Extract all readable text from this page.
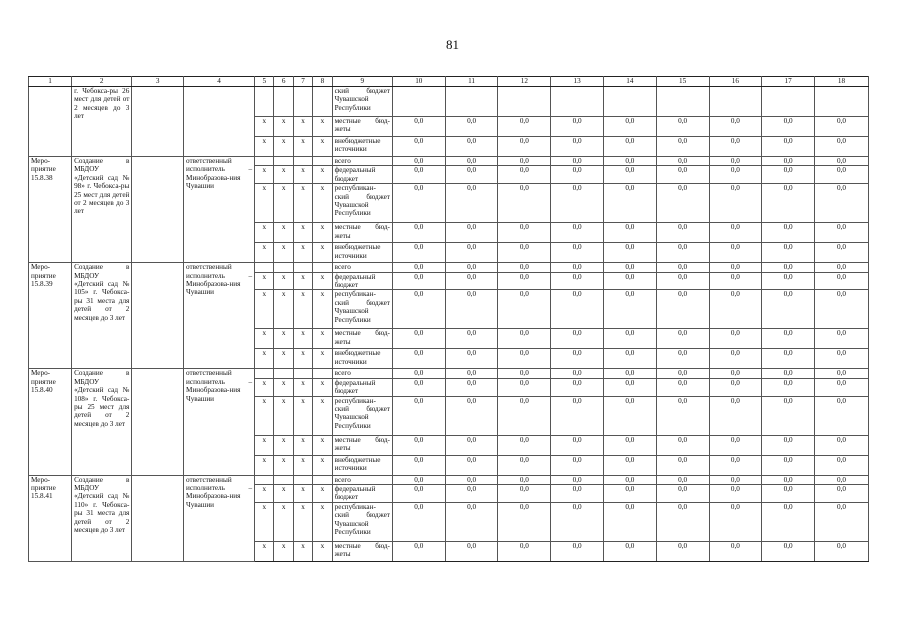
81
1	2	3	4	5	6	7	8	9	10	11	12	13	14	15	16	17	18
	г. Чебокса-ры 26 мест для детей от 2 месяцев до 3 лет							ский бюджет Чувашской Республики									
				x	x	x	x	местные бюд-жеты	0,0	0,0	0,0	0,0	0,0	0,0	0,0	0,0	0,0
				x	x	x	x	внебюджетные источники	0,0	0,0	0,0	0,0	0,0	0,0	0,0	0,0	0,0
Меро-приятие 15.8.38	Создание в МБДОУ «Детский сад № 98» г. Чебокса-ры 25 мест для детей от 2 месяцев до 3 лет		ответственный исполнитель – Минобразова-ния Чувашии					всего	0,0	0,0	0,0	0,0	0,0	0,0	0,0	0,0	0,0
				x	x	x	x	федеральный бюджет	0,0	0,0	0,0	0,0	0,0	0,0	0,0	0,0	0,0
				x	x	x	x	республикан-ский бюджет Чувашской Республики	0,0	0,0	0,0	0,0	0,0	0,0	0,0	0,0	0,0
				x	x	x	x	местные бюд-жеты	0,0	0,0	0,0	0,0	0,0	0,0	0,0	0,0	0,0
				x	x	x	x	внебюджетные источники	0,0	0,0	0,0	0,0	0,0	0,0	0,0	0,0	0,0
Меро-приятие 15.8.39	Создание в МБДОУ «Детский сад № 105» г. Чебокса-ры 31 места для детей от 2 месяцев до 3 лет		ответственный исполнитель – Минобразова-ния Чувашии					всего	0,0	0,0	0,0	0,0	0,0	0,0	0,0	0,0	0,0
				x	x	x	x	федеральный бюджет	0,0	0,0	0,0	0,0	0,0	0,0	0,0	0,0	0,0
				x	x	x	x	республикан-ский бюджет Чувашской Республики	0,0	0,0	0,0	0,0	0,0	0,0	0,0	0,0	0,0
				x	x	x	x	местные бюд-жеты	0,0	0,0	0,0	0,0	0,0	0,0	0,0	0,0	0,0
				x	x	x	x	внебюджетные источники	0,0	0,0	0,0	0,0	0,0	0,0	0,0	0,0	0,0
Меро-приятие 15.8.40	Создание в МБДОУ «Детский сад № 108» г. Чебокса-ры 25 мест для детей от 2 месяцев до 3 лет		ответственный исполнитель – Минобразова-ния Чувашии					всего	0,0	0,0	0,0	0,0	0,0	0,0	0,0	0,0	0,0
				x	x	x	x	федеральный бюджет	0,0	0,0	0,0	0,0	0,0	0,0	0,0	0,0	0,0
				x	x	x	x	республикан-ский бюджет Чувашской Республики	0,0	0,0	0,0	0,0	0,0	0,0	0,0	0,0	0,0
				x	x	x	x	местные бюд-жеты	0,0	0,0	0,0	0,0	0,0	0,0	0,0	0,0	0,0
				x	x	x	x	внебюджетные источники	0,0	0,0	0,0	0,0	0,0	0,0	0,0	0,0	0,0
Меро-приятие 15.8.41	Создание в МБДОУ «Детский сад № 110» г. Чебокса-ры 31 места для детей от 2 месяцев до 3 лет		ответственный исполнитель – Минобразова-ния Чувашии					всего	0,0	0,0	0,0	0,0	0,0	0,0	0,0	0,0	0,0
				x	x	x	x	федеральный бюджет	0,0	0,0	0,0	0,0	0,0	0,0	0,0	0,0	0,0
				x	x	x	x	республикан-ский бюджет Чувашской Республики	0,0	0,0	0,0	0,0	0,0	0,0	0,0	0,0	0,0
				x	x	x	x	местные бюд-жеты	0,0	0,0	0,0	0,0	0,0	0,0	0,0	0,0	0,0
